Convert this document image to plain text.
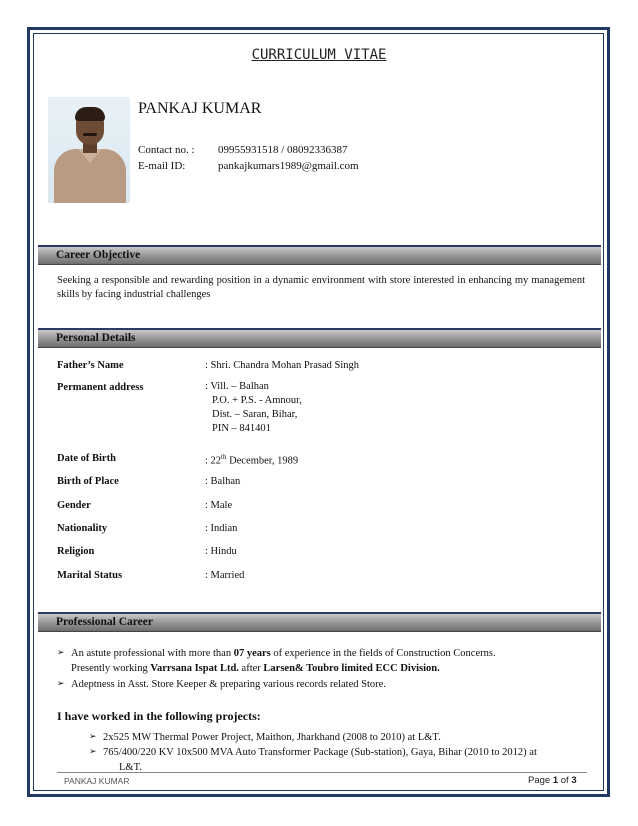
CURRICULUM VITAE
PANKAJ KUMAR
Contact no. : 09955931518 / 08092336387
E-mail ID:	pankajkumars1989@gmail.com
Career Objective
Seeking a responsible and rewarding position in a dynamic environment with store interested in enhancing my management skills by facing industrial challenges
Personal Details
Father’s Name	: Shri. Chandra Mohan Prasad Singh
Permanent address	: Vill. – Balhan
P.O. + P.S. - Amnour,
Dist. – Saran, Bihar,
PIN – 841401
Date of Birth	: 22th December, 1989
Birth of Place	: Balhan
Gender	: Male
Nationality	: Indian
Religion	: Hindu
Marital Status	: Married
Professional Career
➢ An astute professional with more than 07 years of experience in the fields of Construction Concerns.
Presently working Varrsana Ispat Ltd. after Larsen& Toubro limited ECC Division.
➢ Adeptness in Asst. Store Keeper & preparing various records related Store.
I have worked in the following projects:
➢ 2x525 MW Thermal Power Project, Maithon, Jharkhand (2008 to 2010) at L&T.
➢ 765/400/220 KV 10x500 MVA Auto Transformer Package (Sub-station), Gaya, Bihar (2010 to 2012) at
L&T.
PANKAJ KUMAR	Page 1 of 3
